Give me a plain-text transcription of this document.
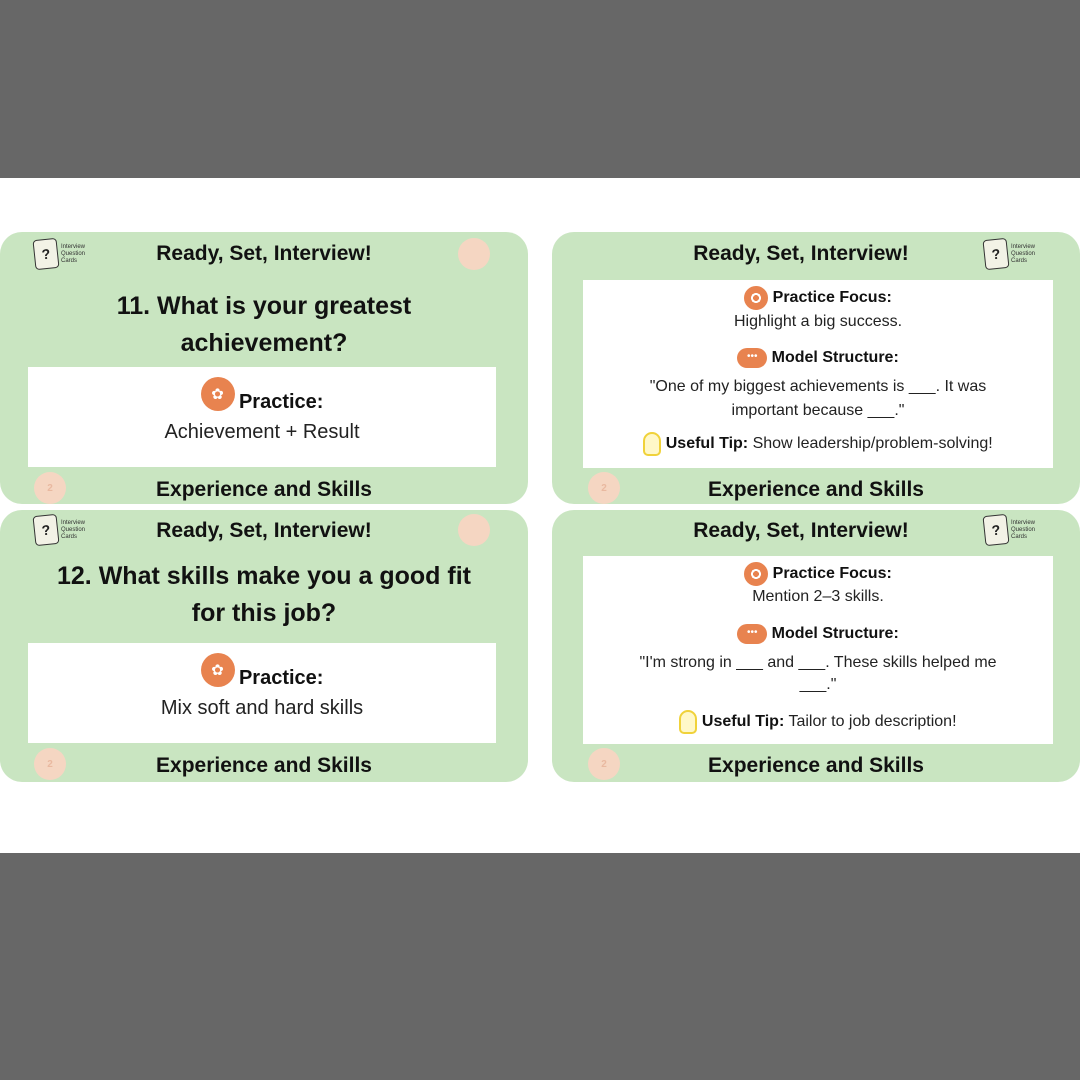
?	Interview Question Cards	Ready, Set, Interview!
11. What is your greatest achievement?
✿ Practice:
Achievement + Result
2	Experience and Skills
Ready, Set, Interview!	?	Interview Question Cards
Practice Focus:
Highlight a big success.
••• Model Structure:
"One of my biggest achievements is ___. It was
important because ___."
Useful Tip: Show leadership/problem-solving!
2	Experience and Skills
?	Interview Question Cards	Ready, Set, Interview!
12. What skills make you a good fit
for this job?
✿ Practice:
Mix soft and hard skills
2	Experience and Skills
Ready, Set, Interview!	?	Interview Question Cards
Practice Focus:
Mention 2–3 skills.
••• Model Structure:
"I'm strong in ___ and ___. These skills helped me
___."
Useful Tip: Tailor to job description!
2	Experience and Skills
